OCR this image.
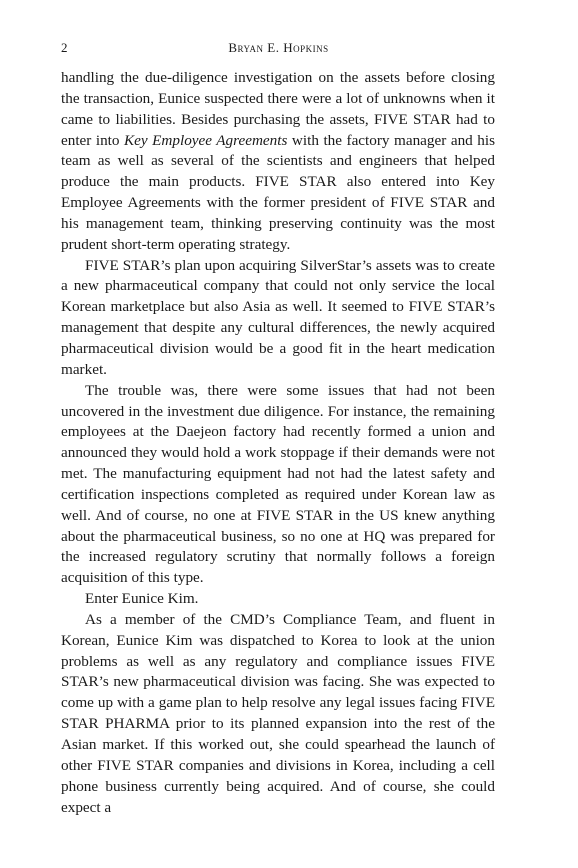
2	Bryan E. Hopkins

handling the due-diligence investigation on the assets before closing the transaction, Eunice suspected there were a lot of unknowns when it came to liabilities. Besides purchasing the assets, FIVE STAR had to enter into Key Employee Agreements with the factory manager and his team as well as several of the scientists and engineers that helped produce the main products. FIVE STAR also entered into Key Employee Agreements with the former president of FIVE STAR and his management team, thinking preserving continuity was the most prudent short-term operating strategy.

FIVE STAR’s plan upon acquiring SilverStar’s assets was to create a new pharmaceutical company that could not only service the local Korean marketplace but also Asia as well. It seemed to FIVE STAR’s management that despite any cultural differences, the newly acquired pharmaceutical division would be a good fit in the heart medication market.

The trouble was, there were some issues that had not been uncovered in the investment due diligence. For instance, the remaining employees at the Daejeon factory had recently formed a union and announced they would hold a work stoppage if their demands were not met. The manufacturing equipment had not had the latest safety and certification inspections completed as required under Korean law as well. And of course, no one at FIVE STAR in the US knew anything about the pharmaceutical business, so no one at HQ was prepared for the increased regulatory scrutiny that normally follows a foreign acquisition of this type.

Enter Eunice Kim.

As a member of the CMD’s Compliance Team, and fluent in Korean, Eunice Kim was dispatched to Korea to look at the union problems as well as any regulatory and compliance issues FIVE STAR’s new pharmaceutical division was facing. She was expected to come up with a game plan to help resolve any legal issues facing FIVE STAR PHARMA prior to its planned expansion into the rest of the Asian market. If this worked out, she could spearhead the launch of other FIVE STAR companies and divisions in Korea, including a cell phone business currently being acquired. And of course, she could expect a
